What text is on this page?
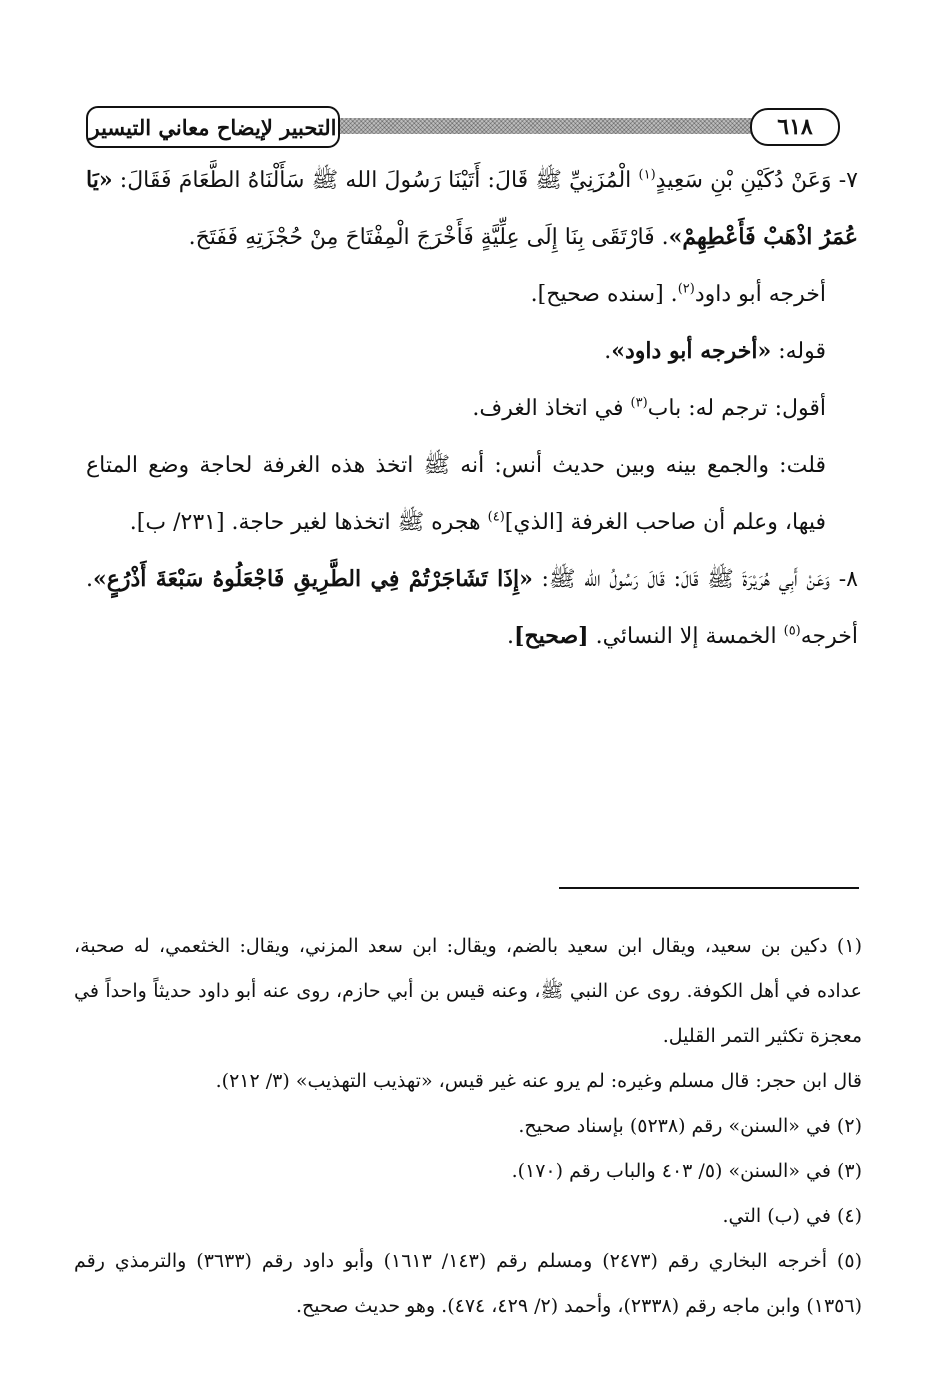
التحبير لإيضاح معاني التيسير	٦١٨

٧- وَعَنْ دُكَيْنِ بْنِ سَعِيدٍ$^{(١)}$ الْمُزَنِيِّ ﷺ قَالَ: أَتَيْنَا رَسُولَ الله ﷺ سَأَلْنَاهُ الطَّعَامَ فَقَالَ: «يَا عُمَرُ اذْهَبْ فَأَعْطِهِمْ». فَارْتَقَى بِنَا إِلَى عِلِّيَّةٍ فَأَخْرَجَ الْمِفْتَاحَ مِنْ حُجْزَتِهِ فَفَتَحَ.

أخرجه أبو داود$^{(٢)}$. [سنده صحيح].

قوله: «أخرجه أبو داود».

أقول: ترجم له: باب$^{(٣)}$ في اتخاذ الغرف.

قلت: والجمع بينه وبين حديث أنس: أنه ﷺ اتخذ هذه الغرفة لحاجة وضع المتاع فيها، وعلم أن صاحب الغرفة [الذي]$^{(٤)}$ هجره ﷺ اتخذها لغير حاجة. [٢٣١/ ب].

٨- وَعَنْ أَبِي هُرَيْرَةَ ﷺ قَالَ: قَالَ رَسُولُ الله ﷺ: «إِذَا تَشَاجَرْتُمْ فِي الطَّرِيقِ فَاجْعَلُوهُ سَبْعَةَ أَذْرُعٍ». أخرجه$^{(٥)}$ الخمسة إلا النسائي. [صحيح].

(١) دكين بن سعيد، ويقال ابن سعيد بالضم، ويقال: ابن سعد المزني، ويقال: الخثعمي، له صحبة، عداده في أهل الكوفة. روى عن النبي ﷺ، وعنه قيس بن أبي حازم، روى عنه أبو داود حديثاً واحداً في معجزة تكثير التمر القليل.

قال ابن حجر: قال مسلم وغيره: لم يرو عنه غير قيس، «تهذيب التهذيب» (٣/ ٢١٢).

(٢) في «السنن» رقم (٥٢٣٨) بإسناد صحيح.

(٣) في «السنن» (٥/ ٤٠٣ والباب رقم (١٧٠).

(٤) في (ب) التي.

(٥) أخرجه البخاري رقم (٢٤٧٣) ومسلم رقم (١٤٣/ ١٦١٣) وأبو داود رقم (٣٦٣٣) والترمذي رقم (١٣٥٦) وابن ماجه رقم (٢٣٣٨)، وأحمد (٢/ ٤٢٩، ٤٧٤). وهو حديث صحيح.
